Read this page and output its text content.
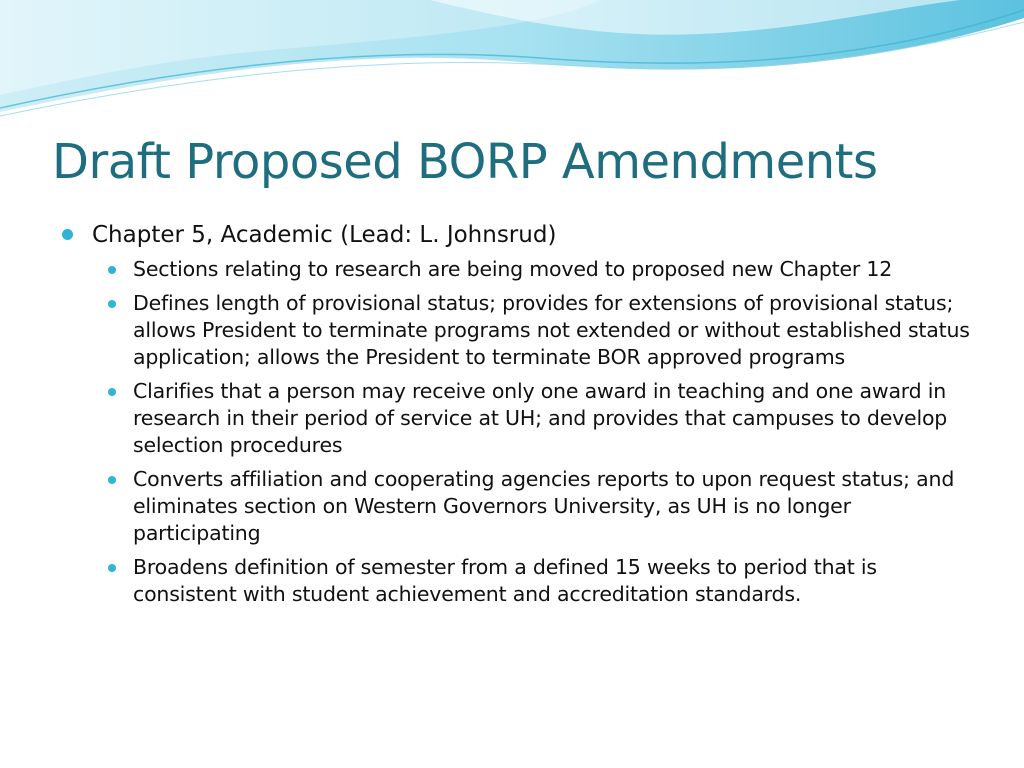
Draft Proposed BORP Amendments
Chapter 5, Academic (Lead: L. Johnsrud)
Sections relating to research are being moved to proposed new Chapter 12
Defines length of provisional status; provides for extensions of provisional status; allows President to terminate programs not extended or without established status application; allows the President to terminate BOR approved programs
Clarifies that a person may receive only one award in teaching and one award in research in their period of service at UH; and provides that campuses to develop selection procedures
Converts affiliation and cooperating agencies reports to upon request status; and eliminates section on Western Governors University, as UH is no longer participating
Broadens definition of semester from a defined 15 weeks to period that is consistent with student achievement and accreditation standards.
